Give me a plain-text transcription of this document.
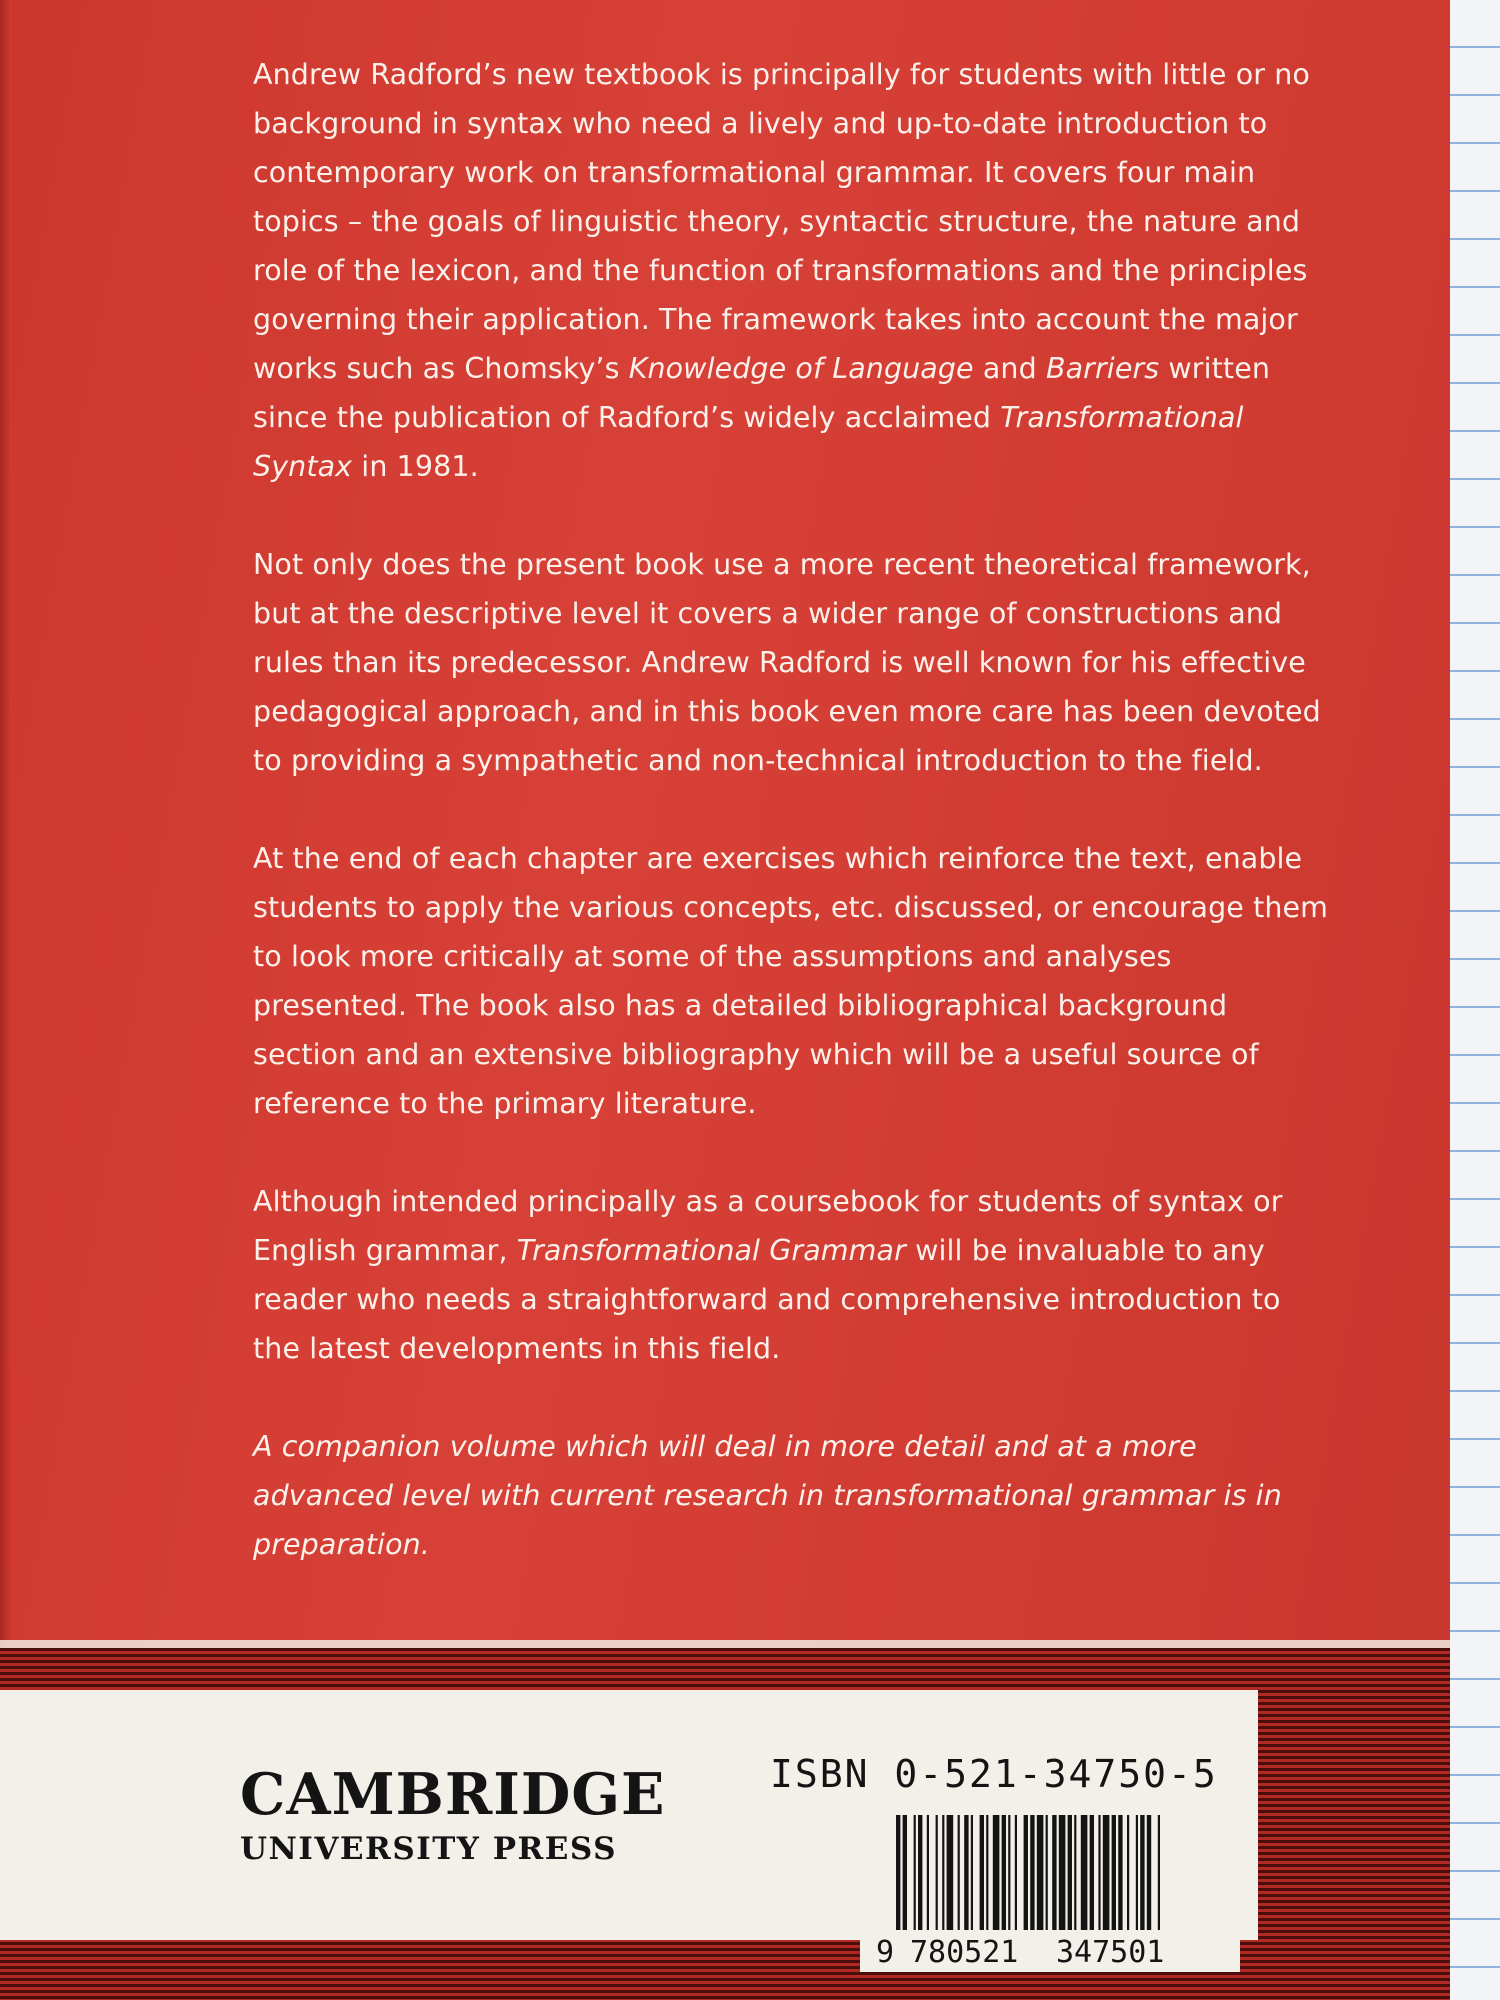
Andrew Radford’s new textbook is principally for students with little or no background in syntax who need a lively and up-to-date introduction to contemporary work on transformational grammar. It covers four main topics – the goals of linguistic theory, syntactic structure, the nature and role of the lexicon, and the function of transformations and the principles governing their application. The framework takes into account the major works such as Chomsky’s Knowledge of Language and Barriers written since the publication of Radford’s widely acclaimed Transformational Syntax in 1981.

Not only does the present book use a more recent theoretical framework, but at the descriptive level it covers a wider range of constructions and rules than its predecessor. Andrew Radford is well known for his effective pedagogical approach, and in this book even more care has been devoted to providing a sympathetic and non-technical introduction to the field.

At the end of each chapter are exercises which reinforce the text, enable students to apply the various concepts, etc. discussed, or encourage them to look more critically at some of the assumptions and analyses presented. The book also has a detailed bibliographical background section and an extensive bibliography which will be a useful source of reference to the primary literature.

Although intended principally as a coursebook for students of syntax or English grammar, Transformational Grammar will be invaluable to any reader who needs a straightforward and comprehensive introduction to the latest developments in this field.

A companion volume which will deal in more detail and at a more advanced level with current research in transformational grammar is in preparation.

CAMBRIDGE
UNIVERSITY PRESS
ISBN 0-521-34750-5
9 780521 347501
